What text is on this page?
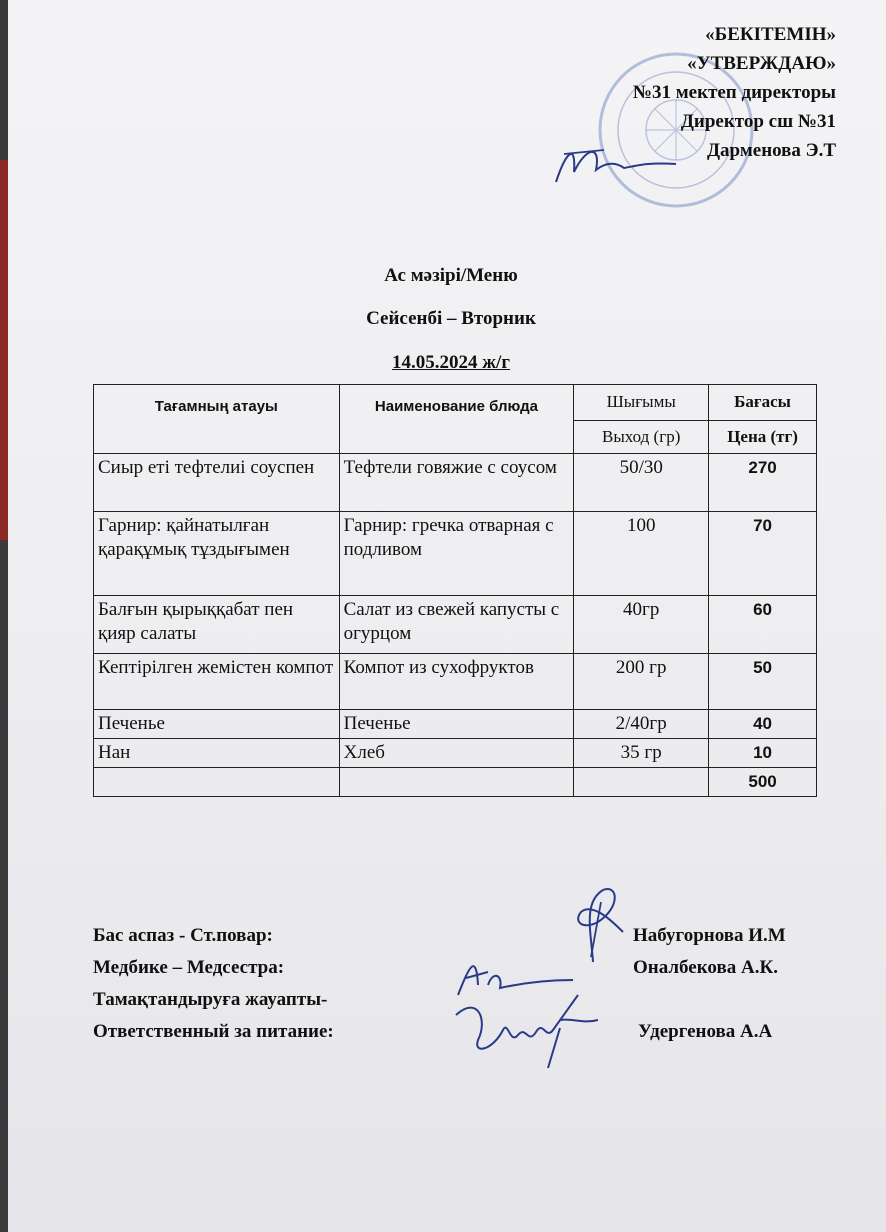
«БЕКІТЕМІН»
«УТВЕРЖДАЮ»
№31 мектеп директоры
Директор сш №31
Дарменова Э.Т
Ас мәзірі/Меню
Сейсенбі – Вторник
14.05.2024 ж/г
Тағамның атауы	Наименование блюда	Шығымы	Бағасы
		Выход (гр)	Цена (тг)
Сиыр еті тефтелиі соуспен	Тефтели говяжие с соусом	50/30	270
Гарнир: қайнатылған қарақұмық тұздығымен	Гарнир: гречка отварная с подливом	100	70
Балғын қырыққабат пен қияр салаты	Салат из свежей капусты с огурцом	40гр	60
Кептірілген жемістен компот	Компот из сухофруктов	200 гр	50
Печенье	Печенье	2/40гр	40
Нан	Хлеб	35 гр	10
			500
Бас аспаз - Ст.повар:	Набугорнова И.М
Медбике – Медсестра:	Оналбекова А.К.
Тамақтандыруға жауапты-
Ответственный за питание:	Удергенова А.А
